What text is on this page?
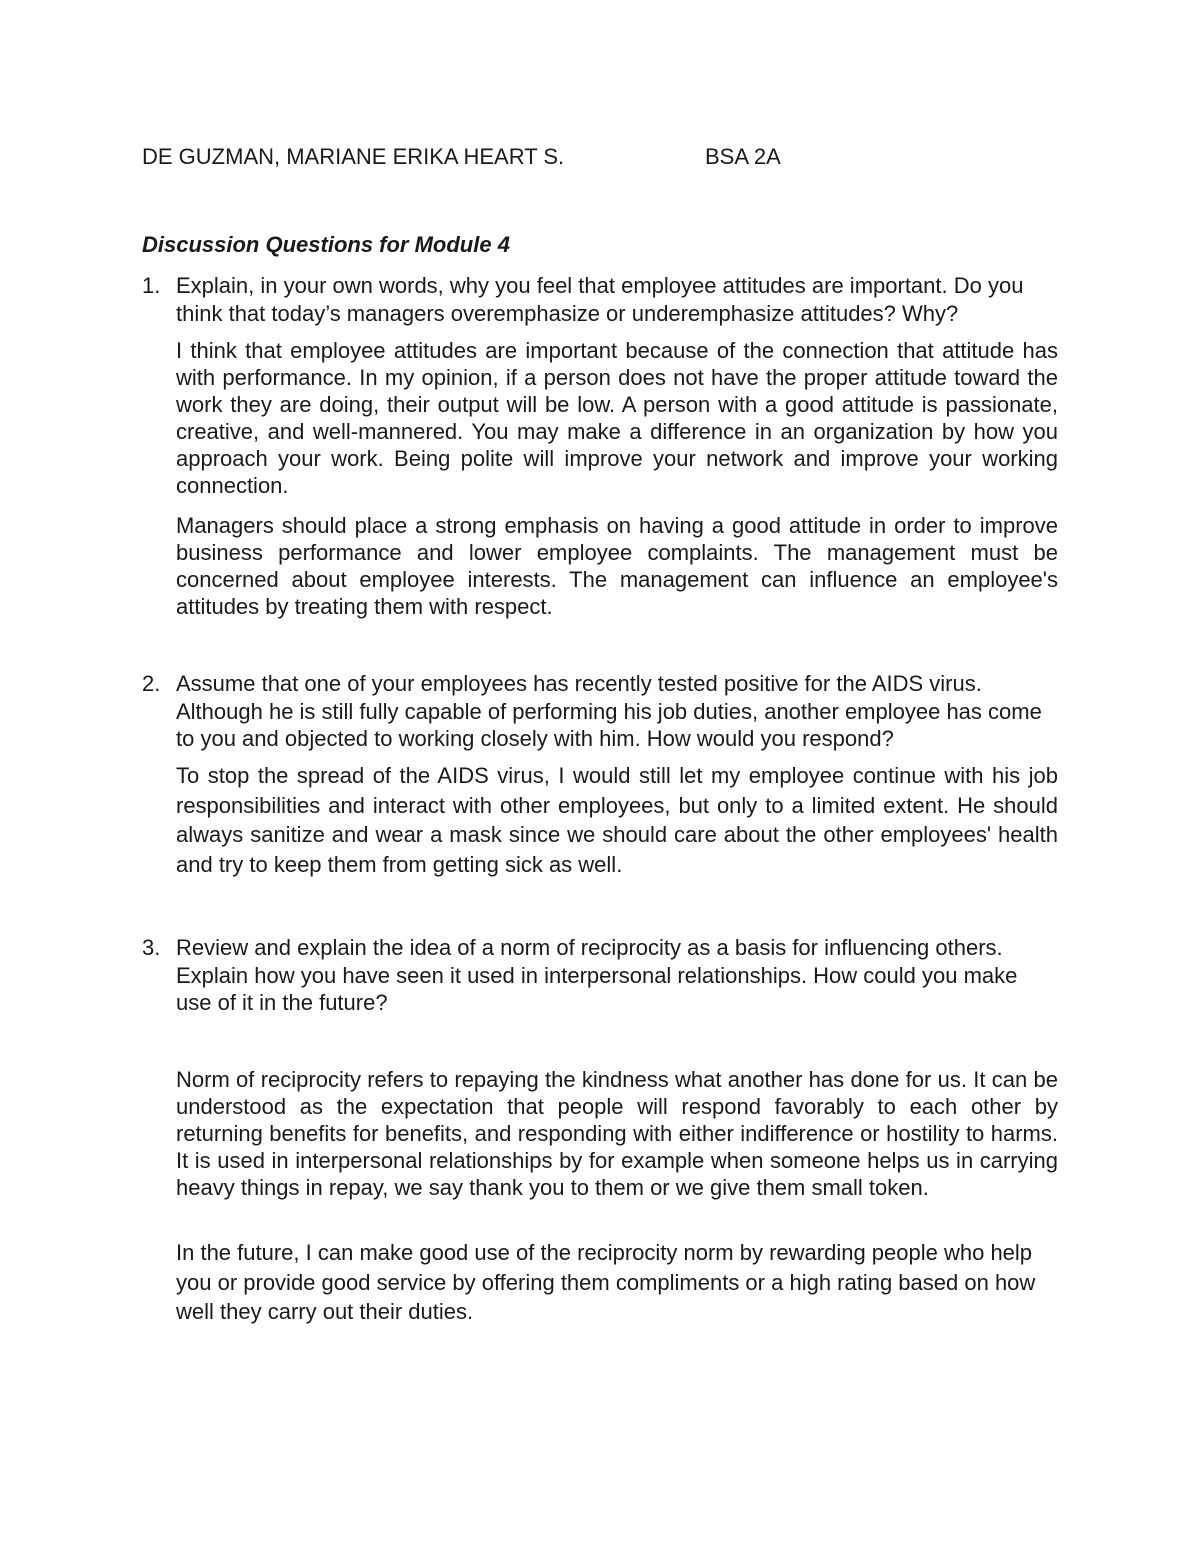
DE GUZMAN, MARIANE ERIKA HEART S.	BSA 2A
Discussion Questions for Module 4
1. Explain, in your own words, why you feel that employee attitudes are important. Do you think that today’s managers overemphasize or underemphasize attitudes? Why?
I think that employee attitudes are important because of the connection that attitude has with performance. In my opinion, if a person does not have the proper attitude toward the work they are doing, their output will be low. A person with a good attitude is passionate, creative, and well-mannered. You may make a difference in an organization by how you approach your work. Being polite will improve your network and improve your working connection.
Managers should place a strong emphasis on having a good attitude in order to improve business performance and lower employee complaints. The management must be concerned about employee interests. The management can influence an employee's attitudes by treating them with respect.
2. Assume that one of your employees has recently tested positive for the AIDS virus. Although he is still fully capable of performing his job duties, another employee has come to you and objected to working closely with him. How would you respond?
To stop the spread of the AIDS virus, I would still let my employee continue with his job responsibilities and interact with other employees, but only to a limited extent. He should always sanitize and wear a mask since we should care about the other employees' health and try to keep them from getting sick as well.
3. Review and explain the idea of a norm of reciprocity as a basis for influencing others. Explain how you have seen it used in interpersonal relationships. How could you make use of it in the future?
Norm of reciprocity refers to repaying the kindness what another has done for us. It can be understood as the expectation that people will respond favorably to each other by returning benefits for benefits, and responding with either indifference or hostility to harms. It is used in interpersonal relationships by for example when someone helps us in carrying heavy things in repay, we say thank you to them or we give them small token.
In the future, I can make good use of the reciprocity norm by rewarding people who help you or provide good service by offering them compliments or a high rating based on how well they carry out their duties.
